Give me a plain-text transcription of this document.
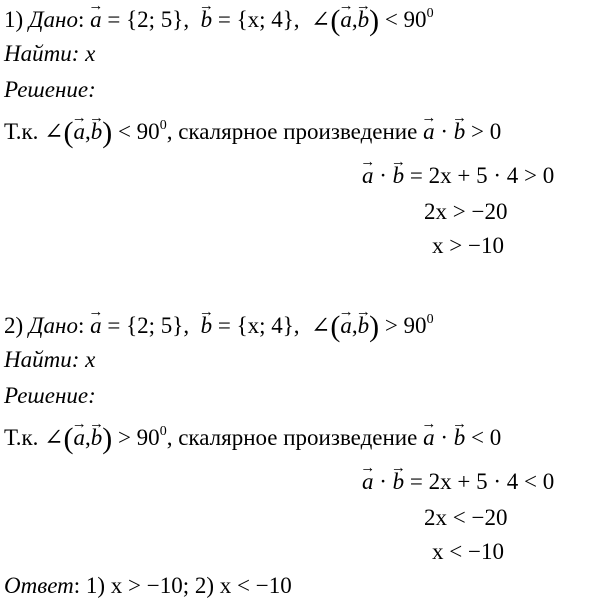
1) Дано: → a = {2; 5},  → b = {x; 4},  ∠(→ $a,\to b) < 90^0$
Найти: x
Решение:
Т.к. ∠(→ $a,\to b) < 90^0$, скалярное произведение → a · → b > 0
→ a · → b = 2x + 5 · 4 > 0
2x > −20
x > −10
2) Дано: → a = {2; 5},  → b = {x; 4},  ∠(→ $a,\to b) > 90^0$
Найти: x
Решение:
Т.к. ∠(→ $a,\to b) > 90^0$, скалярное произведение → a · → b < 0
→ a · → b = 2x + 5 · 4 < 0
2x < −20
x < −10
Ответ: 1) x > −10; 2) x < −10
